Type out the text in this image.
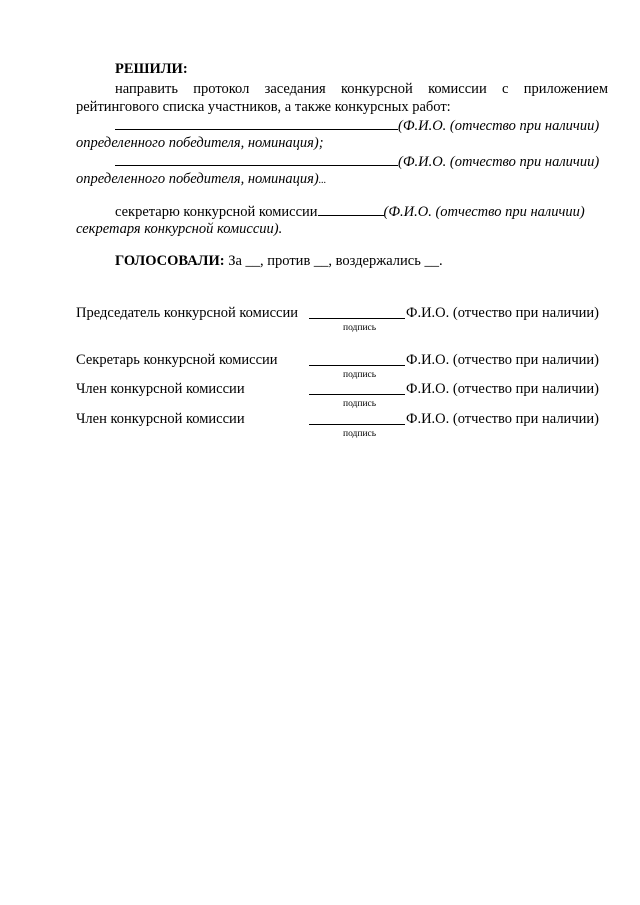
РЕШИЛИ:
направить протокол заседания конкурсной комиссии с приложением
рейтингового списка участников, а также конкурсных работ:
(Ф.И.О. (отчество при наличии)
определенного победителя, номинация);
(Ф.И.О. (отчество при наличии)
определенного победителя, номинация)...
секретарю конкурсной комиссии	(Ф.И.О. (отчество при наличии)
секретаря конкурсной комиссии).
ГОЛОСОВАЛИ: За __, против __, воздержались __.
Председатель конкурсной комиссии	Ф.И.О. (отчество при наличии)
подпись
Секретарь конкурсной комиссии	Ф.И.О. (отчество при наличии)
подпись
Член конкурсной комиссии	Ф.И.О. (отчество при наличии)
подпись
Член конкурсной комиссии	Ф.И.О. (отчество при наличии)
подпись
